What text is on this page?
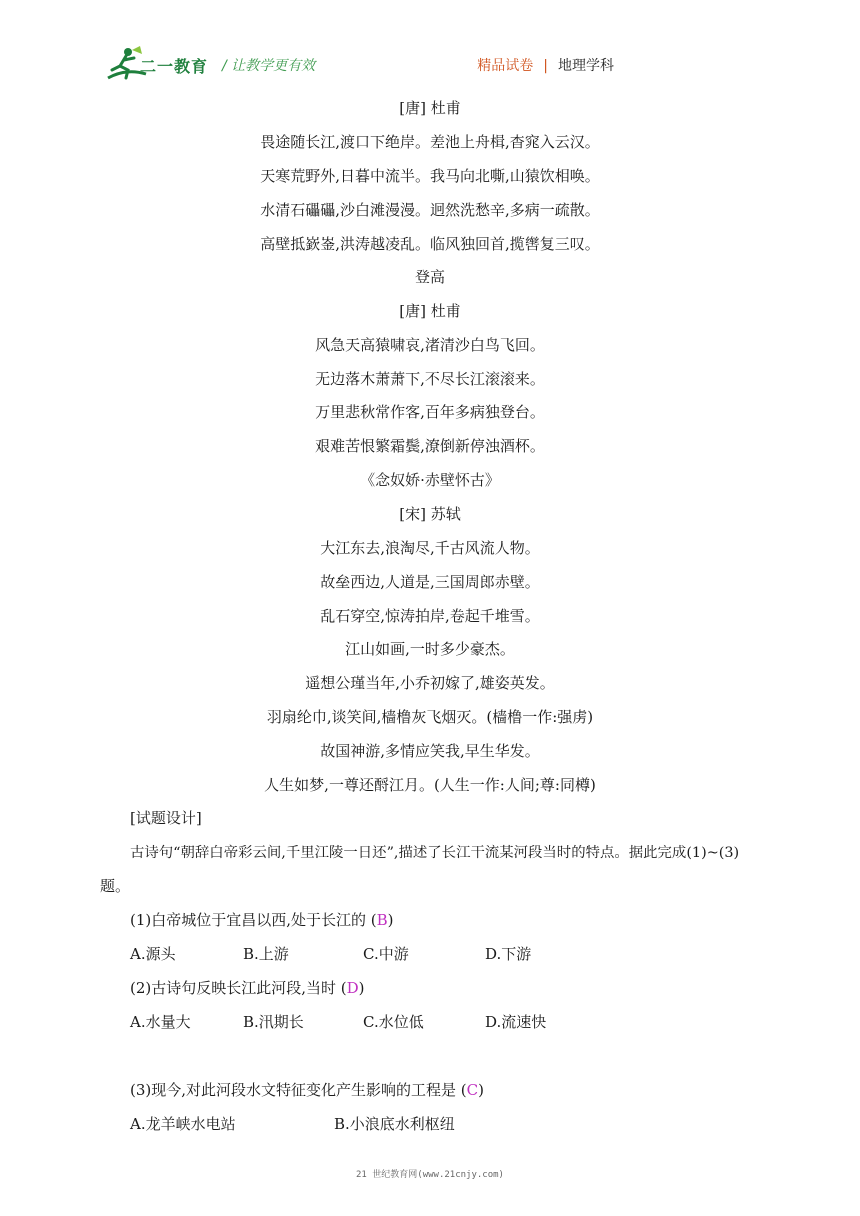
二一教育 / 让教学更有效	精品试卷 | 地理学科
[唐] 杜甫
畏途随长江,渡口下绝岸。差池上舟楫,杳窕入云汉。
天寒荒野外,日暮中流半。我马向北嘶,山猿饮相唤。
水清石礧礧,沙白滩漫漫。迥然洗愁辛,多病一疏散。
高壁抵嶔崟,洪涛越凌乱。临风独回首,揽辔复三叹。
登高
[唐] 杜甫
风急天高猿啸哀,渚清沙白鸟飞回。
无边落木萧萧下,不尽长江滚滚来。
万里悲秋常作客,百年多病独登台。
艰难苦恨繁霜鬓,潦倒新停浊酒杯。
《念奴娇·赤壁怀古》
[宋] 苏轼
大江东去,浪淘尽,千古风流人物。
故垒西边,人道是,三国周郎赤壁。
乱石穿空,惊涛拍岸,卷起千堆雪。
江山如画,一时多少豪杰。
遥想公瑾当年,小乔初嫁了,雄姿英发。
羽扇纶巾,谈笑间,樯橹灰飞烟灭。(樯橹一作:强虏)
故国神游,多情应笑我,早生华发。
人生如梦,一尊还酹江月。(人生一作:人间;尊:同樽)
[试题设计]
古诗句“朝辞白帝彩云间,千里江陵一日还”,描述了长江干流某河段当时的特点。据此完成(1)~(3)
题。
(1)白帝城位于宜昌以西,处于长江的 (B)
A.源头	B.上游	C.中游	D.下游
(2)古诗句反映长江此河段,当时 (D)
A.水量大	B.汛期长	C.水位低	D.流速快
(3)现今,对此河段水文特征变化产生影响的工程是 (C)
A.龙羊峡水电站	B.小浪底水利枢纽
21 世纪教育网(www.21cnjy.com)
